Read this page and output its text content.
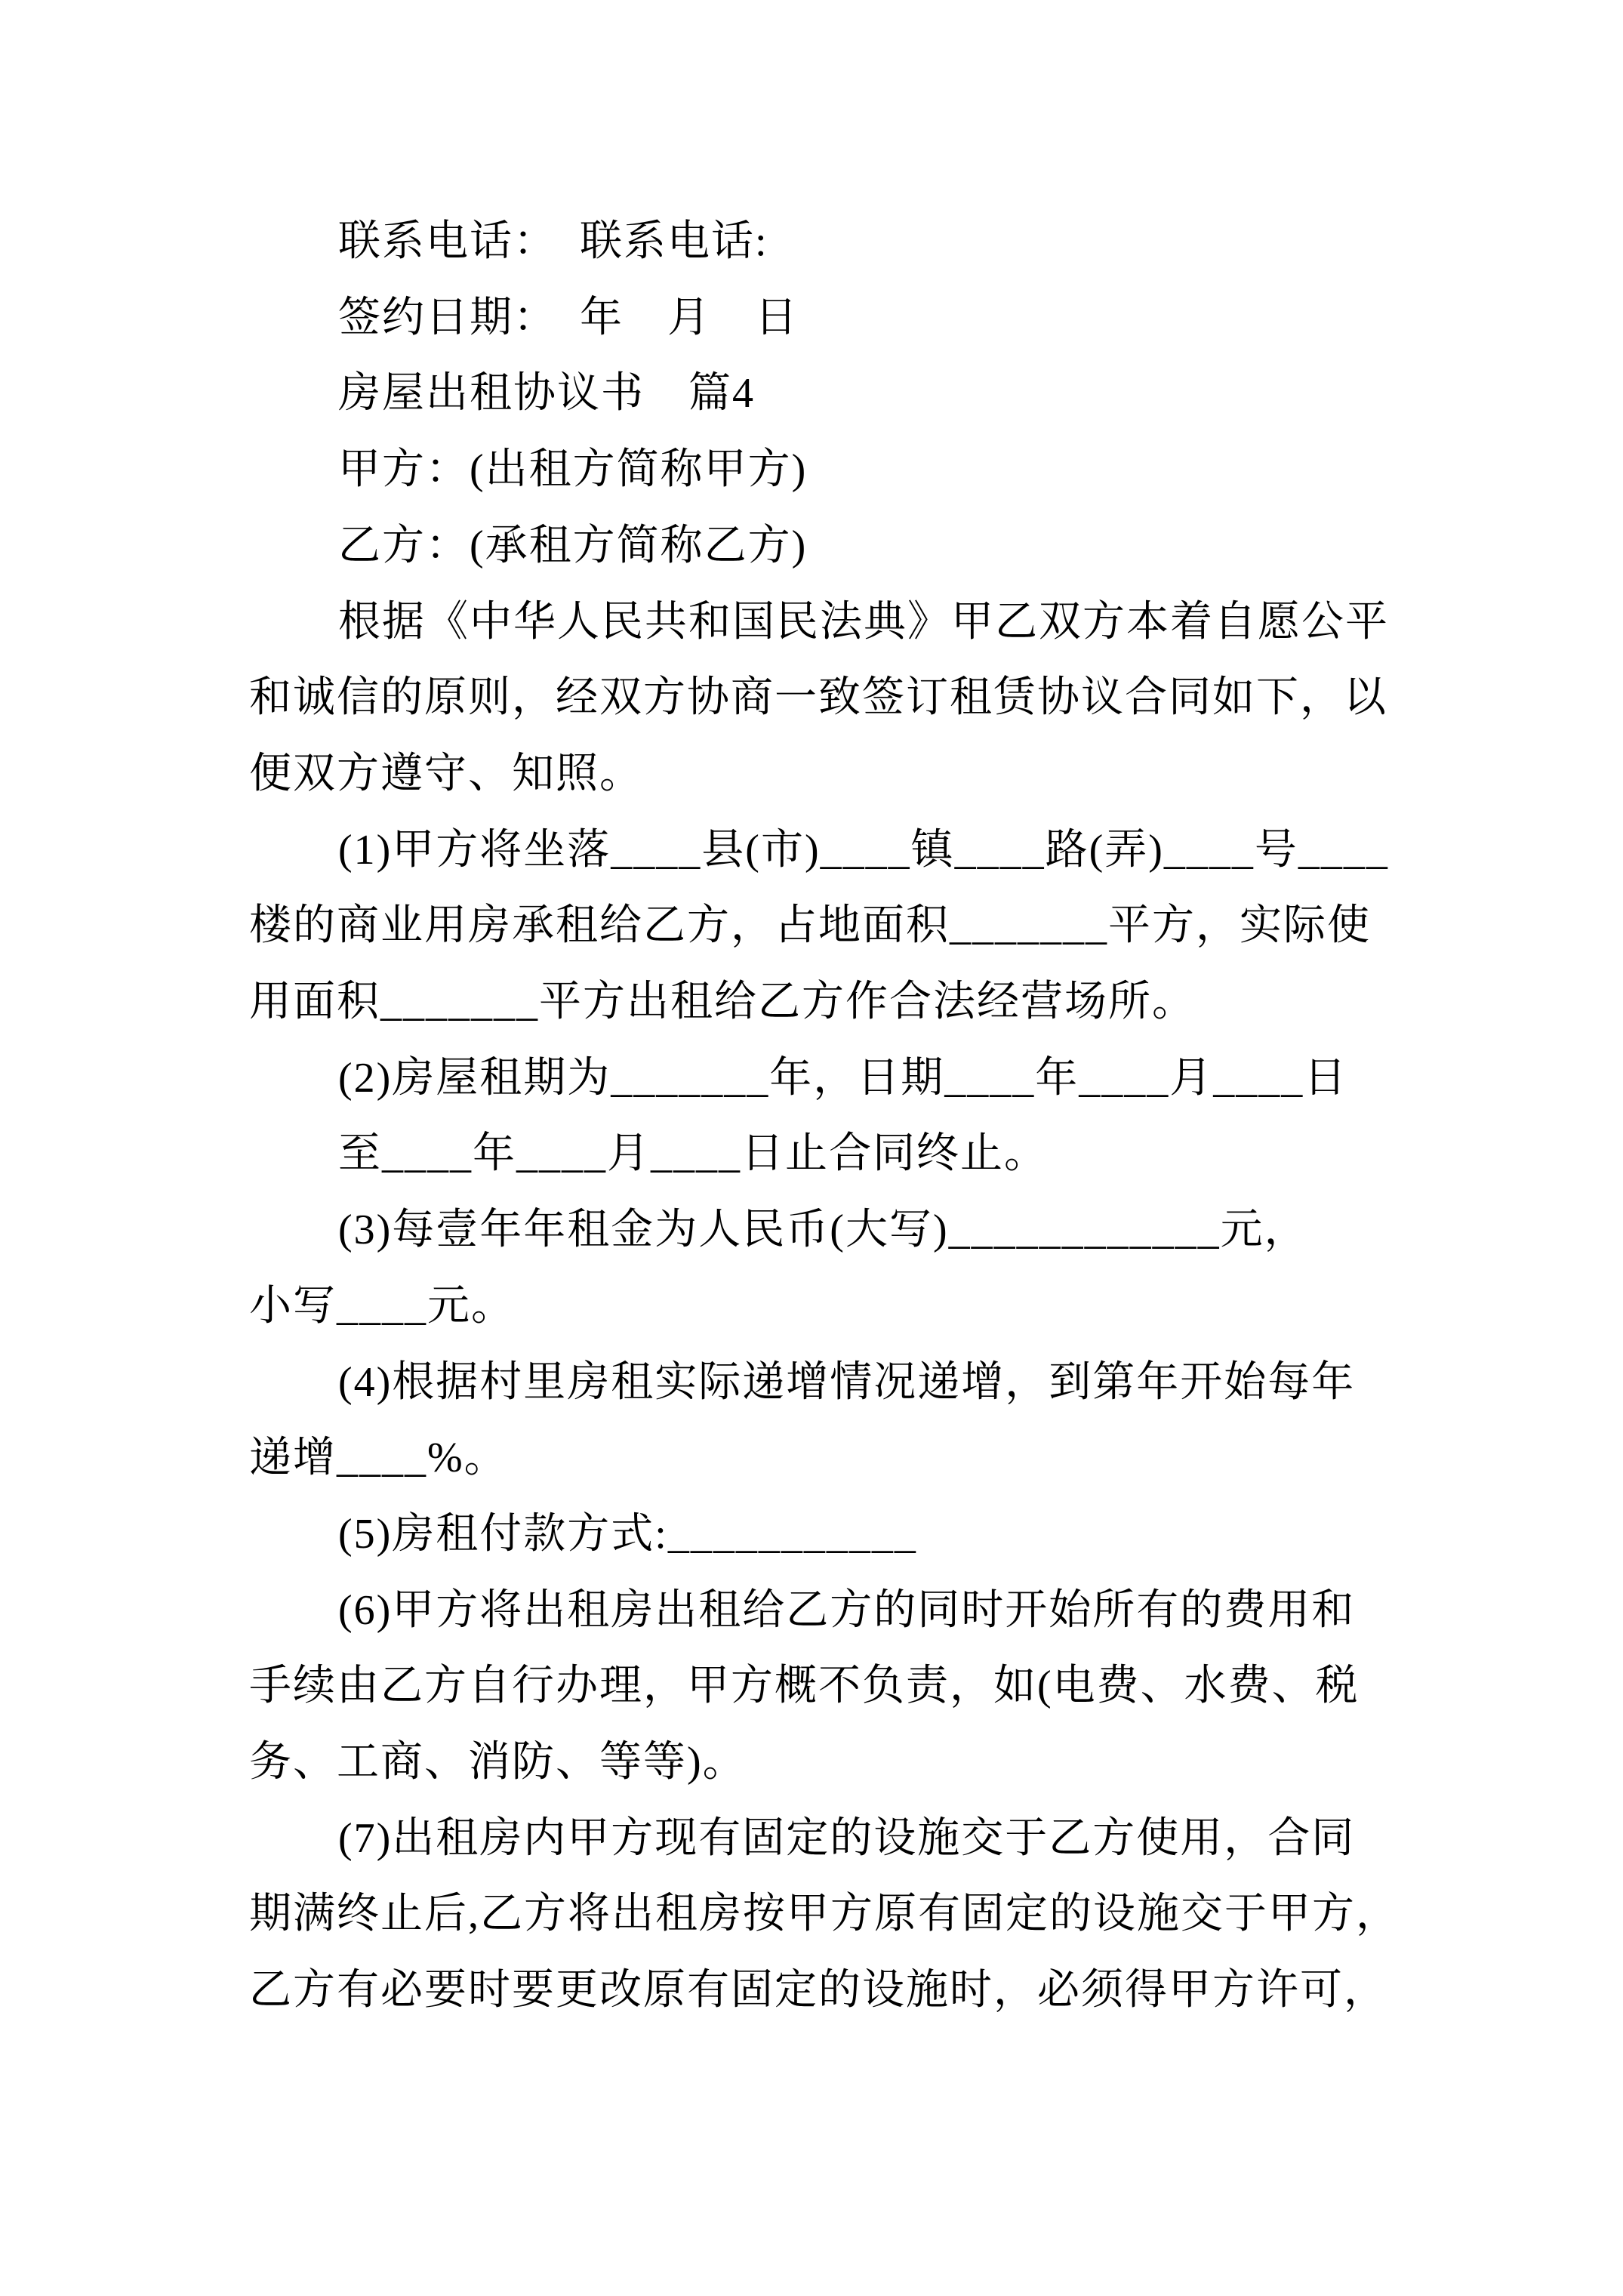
联系电话：　联系电话:

签约日期：　年　月　日

房屋出租协议书　篇4

甲方：(出租方简称甲方)

乙方：(承租方简称乙方)

根据《中华人民共和国民法典》甲乙双方本着自愿公平

和诚信的原则，经双方协商一致签订租赁协议合同如下，以

便双方遵守、知照。

(1)甲方将坐落____县(市)____镇____路(弄)____号____

楼的商业用房承租给乙方，占地面积_______平方，实际使

用面积_______平方出租给乙方作合法经营场所。

(2)房屋租期为_______年，日期____年____月____日

至____年____月____日止合同终止。

(3)每壹年年租金为人民币(大写)____________元，

小写____元。

(4)根据村里房租实际递增情况递增，到第年开始每年

递增____%。

(5)房租付款方式:___________

(6)甲方将出租房出租给乙方的同时开始所有的费用和

手续由乙方自行办理，甲方概不负责，如(电费、水费、税

务、工商、消防、等等)。

(7)出租房内甲方现有固定的设施交于乙方使用，合同

期满终止后,乙方将出租房按甲方原有固定的设施交于甲方，

乙方有必要时要更改原有固定的设施时，必须得甲方许可，
